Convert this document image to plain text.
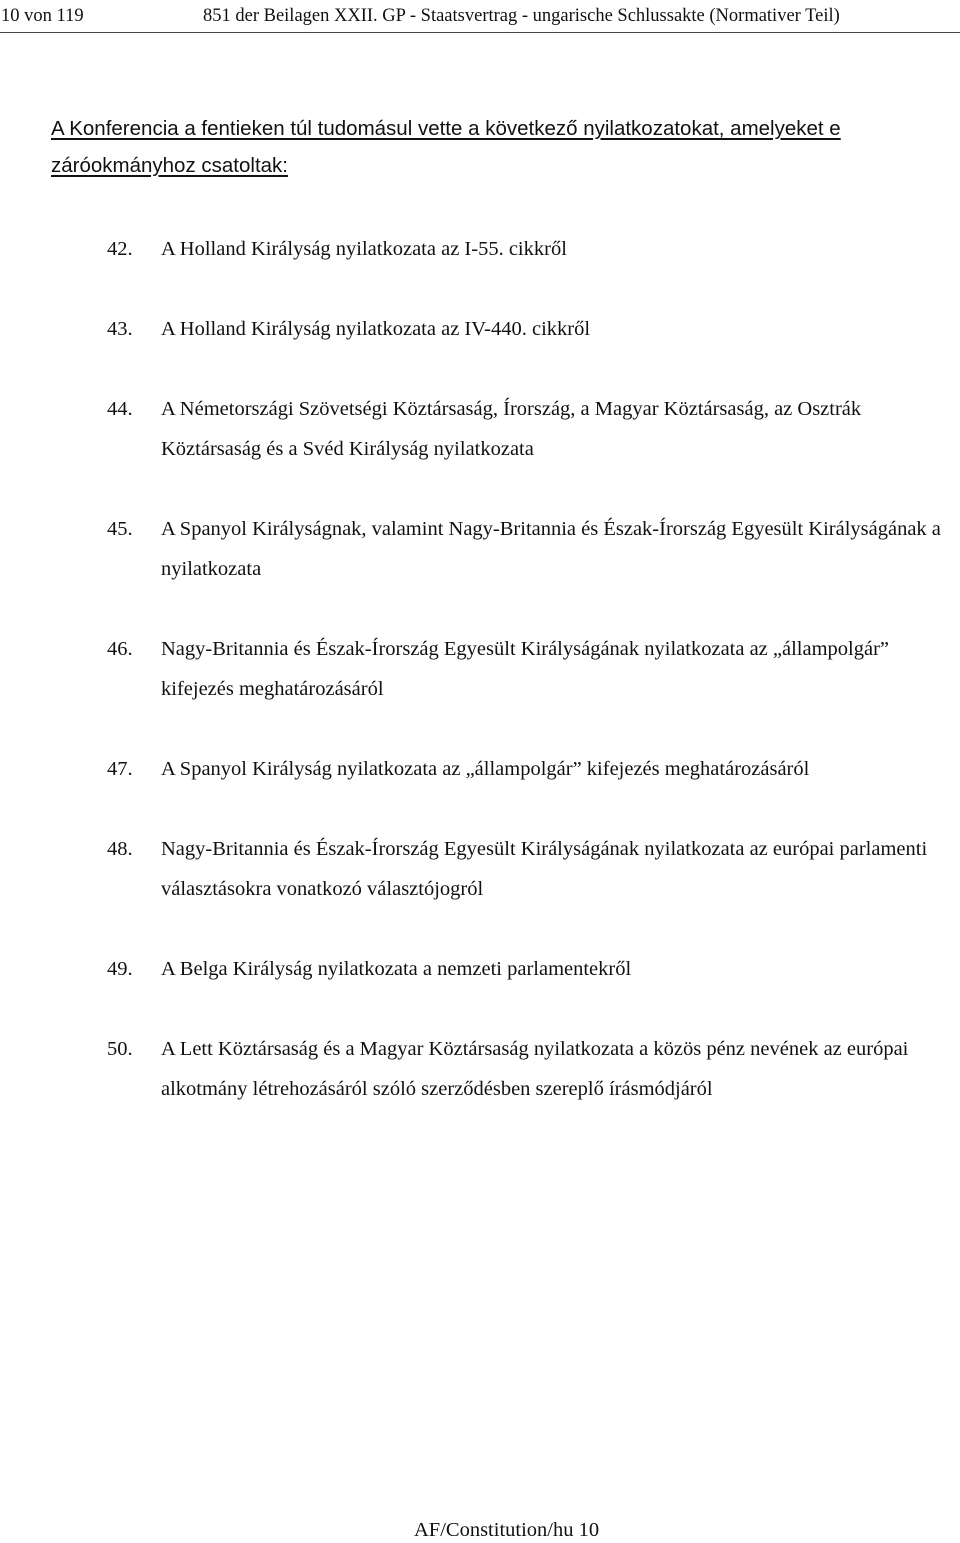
10 von 119	851 der Beilagen XXII. GP - Staatsvertrag - ungarische Schlussakte (Normativer Teil)
A Konferencia a fentieken túl tudomásul vette a következő nyilatkozatokat, amelyeket e záróokmányhoz csatoltak:
42. A Holland Királyság nyilatkozata az I-55. cikkről
43. A Holland Királyság nyilatkozata az IV-440. cikkről
44. A Németországi Szövetségi Köztársaság, Írország, a Magyar Köztársaság, az Osztrák Köztársaság és a Svéd Királyság nyilatkozata
45. A Spanyol Királyságnak, valamint Nagy-Britannia és Észak-Írország Egyesült Királyságának a nyilatkozata
46. Nagy-Britannia és Észak-Írország Egyesült Királyságának nyilatkozata az „állampolgár” kifejezés meghatározásáról
47. A Spanyol Királyság nyilatkozata az „állampolgár” kifejezés meghatározásáról
48. Nagy-Britannia és Észak-Írország Egyesült Királyságának nyilatkozata az európai parlamenti választásokra vonatkozó választójogról
49. A Belga Királyság nyilatkozata a nemzeti parlamentekről
50. A Lett Köztársaság és a Magyar Köztársaság nyilatkozata a közös pénz nevének az európai alkotmány létrehozásáról szóló szerződésben szereplő írásmódjáról
AF/Constitution/hu 10
